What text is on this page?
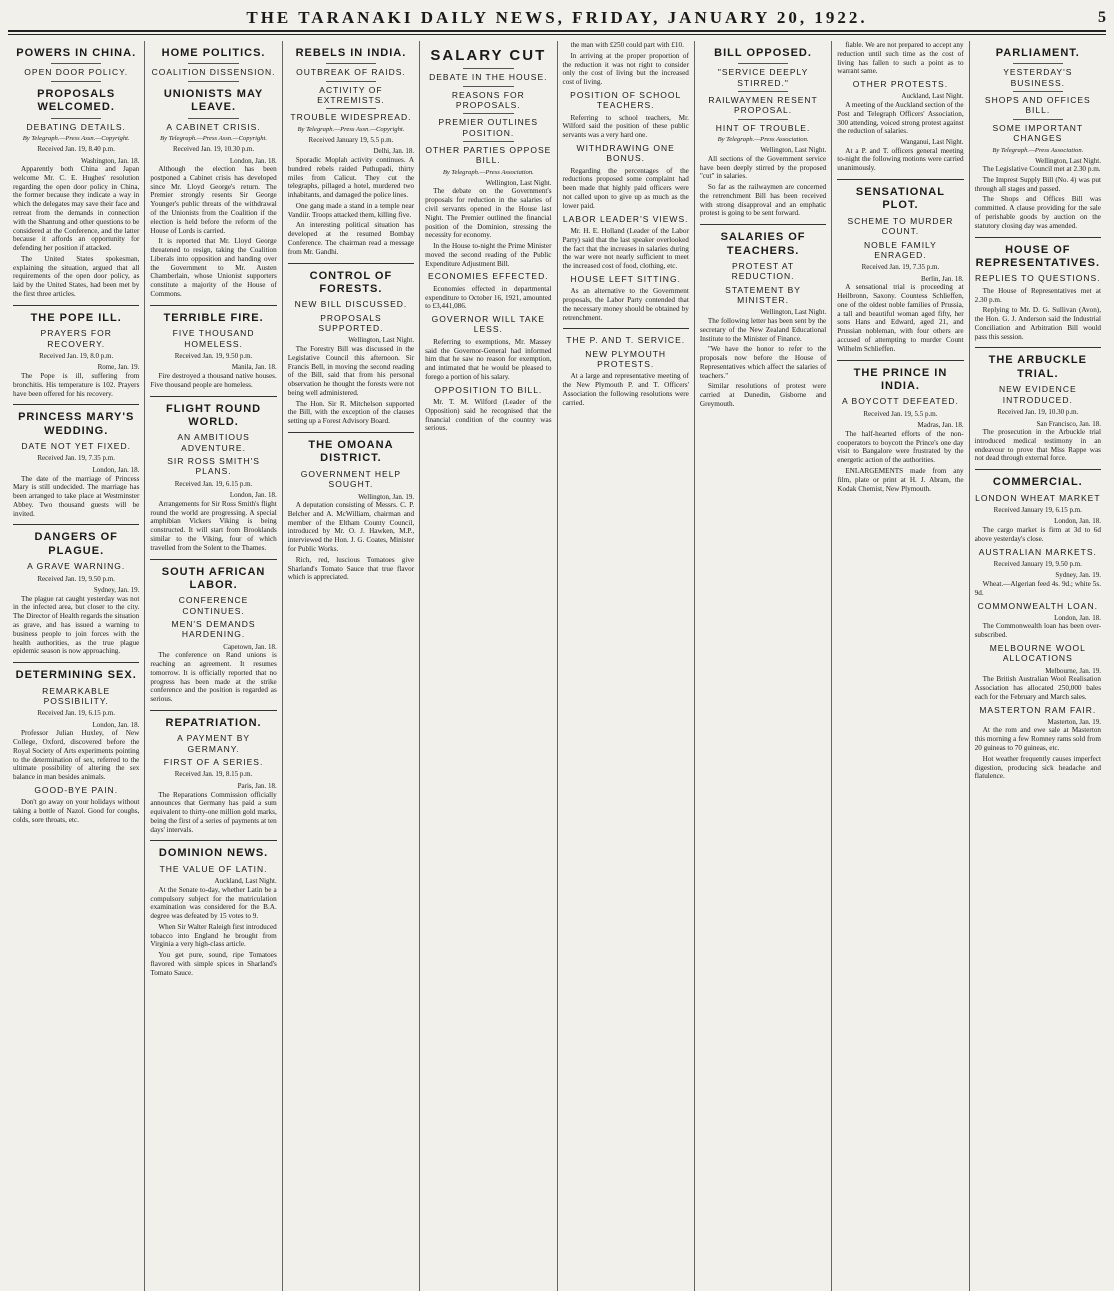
THE TARANAKI DAILY NEWS, FRIDAY, JANUARY 20, 1922.	5
POWERS IN CHINA.
OPEN DOOR POLICY.
PROPOSALS WELCOMED.
DEBATING DETAILS.
By Telegraph.—Press Assn.—Copyright.
Received Jan. 19, 8.40 p.m.
Washington, Jan. 18.

Apparently both China and Japan welcome Mr. C. E. Hughes' resolution regarding the open door policy in China, the former because they indicate a way in which the delegates may save their face and retreat from the demands in connection with the Shantung and other questions to be considered at the Conference, and the latter because it affords an opportunity for defending her position if attacked.

The United States spokesman, explaining the situation, argued that all requirements of the open door policy, as laid by the United States, had been met by the first three articles.

THE POPE ILL.
PRAYERS FOR RECOVERY.
Received Jan. 19, 8.0 p.m.
Rome, Jan. 19.

The Pope is ill, suffering from bronchitis. His temperature is 102. Prayers have been offered for his recovery.

PRINCESS MARY'S WEDDING.
DATE NOT YET FIXED.
Received Jan. 19, 7.35 p.m.
London, Jan. 18.

The date of the marriage of Princess Mary is still undecided. The marriage has been arranged to take place at Westminster Abbey. Two thousand guests will be invited.

DANGERS OF PLAGUE.
A GRAVE WARNING.
Received Jan. 19, 9.50 p.m.
Sydney, Jan. 19.

The plague rat caught yesterday was not in the infected area, but closer to the city. The Director of Health regards the situation as grave, and has issued a warning to business people to join forces with the health authorities, as the true plague epidemic season is now approaching.

DETERMINING SEX.
REMARKABLE POSSIBILITY.
Received Jan. 19, 6.15 p.m.
London, Jan. 18.

Professor Julian Huxley, of New College, Oxford, discovered before the Royal Society of Arts experiments pointing to the determination of sex, referred to the ultimate possibility of altering the sex balance in man besides animals.

GOOD-BYE PAIN.

Don't go away on your holidays without taking a bottle of Nazol. Good for coughs, colds, sore throats, etc.

HOME POLITICS.
COALITION DISSENSION.
UNIONISTS MAY LEAVE.
A CABINET CRISIS.
By Telegraph.—Press Assn.—Copyright.
Received Jan. 19, 10.30 p.m.
London, Jan. 18.

Although the election has been postponed a Cabinet crisis has developed since Mr. Lloyd George's return. The Premier strongly resents Sir George Younger's public threats of the withdrawal of the Unionists from the Coalition if the election is held before the reform of the House of Lords is carried.

It is reported that Mr. Lloyd George threatened to resign, taking the Coalition Liberals into opposition and handing over the Government to Mr. Austen Chamberlain, whose Unionist supporters constitute a majority of the House of Commons.

TERRIBLE FIRE.
FIVE THOUSAND HOMELESS.
Received Jan. 19, 9.50 p.m.
Manila, Jan. 18.

Fire destroyed a thousand native houses. Five thousand people are homeless.

FLIGHT ROUND WORLD.
AN AMBITIOUS ADVENTURE.
SIR ROSS SMITH'S PLANS.
Received Jan. 19, 6.15 p.m.
London, Jan. 18.

Arrangements for Sir Ross Smith's flight round the world are progressing. A special amphibian Vickers Viking is being constructed. It will start from Brooklands similar to the Viking, four of which travelled from the Solent to the Thames.

SOUTH AFRICAN LABOR.
CONFERENCE CONTINUES.
MEN'S DEMANDS HARDENING.
Capetown, Jan. 18.

The conference on Rand unions is reaching an agreement. It resumes tomorrow. It is officially reported that no progress has been made at the strike conference and the position is regarded as serious.

REPATRIATION.
A PAYMENT BY GERMANY.
FIRST OF A SERIES.
Received Jan. 19, 8.15 p.m.
Paris, Jan. 18.

The Reparations Commission officially announces that Germany has paid a sum equivalent to thirty-one million gold marks, being the first of a series of payments at ten days' intervals.

DOMINION NEWS.
THE VALUE OF LATIN.
Auckland, Last Night.

At the Senate to-day, whether Latin be a compulsory subject for the matriculation examination was considered for the B.A. degree was defeated by 15 votes to 9.

When Sir Walter Raleigh first introduced tobacco into England he brought from Virginia a very high-class article.

You get pure, sound, ripe Tomatoes flavored with simple spices in Sharland's Tomato Sauce.

REBELS IN INDIA.
OUTBREAK OF RAIDS.
ACTIVITY OF EXTREMISTS.
TROUBLE WIDESPREAD.
By Telegraph.—Press Assn.—Copyright.
Received January 19, 5.5 p.m.
Delhi, Jan. 18.

Sporadic Moplah activity continues. A hundred rebels raided Puthupadi, thirty miles from Calicut. They cut the telegraphs, pillaged a hotel, murdered two inhabitants, and damaged the police lines.

One gang made a stand in a temple near Vandiir. Troops attacked them, killing five.

An interesting political situation has developed at the resumed Bombay Conference. The chairman read a message from Mr. Gandhi.

CONTROL OF FORESTS.
NEW BILL DISCUSSED.
PROPOSALS SUPPORTED.
Wellington, Last Night.

The Forestry Bill was discussed in the Legislative Council this afternoon. Sir Francis Bell, in moving the second reading of the Bill, said that from his personal observation he thought the forests were not being well administered.

The Hon. Sir R. Mitchelson supported the Bill, with the exception of the clauses setting up a Forest Advisory Board.

THE OMOANA DISTRICT.
GOVERNMENT HELP SOUGHT.
Wellington, Jan. 19.

A deputation consisting of Messrs. C. P. Belcher and A. McWilliam, chairman and member of the Eltham County Council, introduced by Mr. O. J. Hawken, M.P., interviewed the Hon. J. G. Coates, Minister for Public Works.

Rich, red, luscious Tomatoes give Sharland's Tomato Sauce that true flavor which is appreciated.

SALARY CUT
DEBATE IN THE HOUSE.
REASONS FOR PROPOSALS.
PREMIER OUTLINES POSITION.
OTHER PARTIES OPPOSE BILL.
By Telegraph.—Press Association.
Wellington, Last Night.

The debate on the Government's proposals for reduction in the salaries of civil servants opened in the House last Night. The Premier outlined the financial position of the Dominion, stressing the necessity for economy.

In the House to-night the Prime Minister moved the second reading of the Public Expenditure Adjustment Bill.

ECONOMIES EFFECTED.

Economies effected in departmental expenditure to October 16, 1921, amounted to £3,441,086.

GOVERNOR WILL TAKE LESS.

Referring to exemptions, Mr. Massey said the Governor-General had informed him that he saw no reason for exemption, and intimated that he would be pleased to forego a portion of his salary.

OPPOSITION TO BILL.

Mr. T. M. Wilford (Leader of the Opposition) said he recognised that the financial condition of the country was serious.

the man with £250 could part with £10.

In arriving at the proper proportion of the reduction it was not right to consider only the cost of living but the increased cost of living.

POSITION OF SCHOOL TEACHERS.

Referring to school teachers, Mr. Wilford said the position of these public servants was a very hard one.

WITHDRAWING ONE BONUS.

Regarding the percentages of the reductions proposed some complaint had been made that highly paid officers were not called upon to give up as much as the lower paid.

LABOR LEADER'S VIEWS.

Mr. H. E. Holland (Leader of the Labor Party) said that the last speaker overlooked the fact that the increases in salaries during the war were not nearly sufficient to meet the increased cost of food, clothing, etc.

HOUSE LEFT SITTING.

As an alternative to the Government proposals, the Labor Party contended that the necessary money should be obtained by retrenchment.

THE P. AND T. SERVICE.
NEW PLYMOUTH PROTESTS.

At a large and representative meeting of the New Plymouth P. and T. Officers' Association the following resolutions were carried.

BILL OPPOSED.
"SERVICE DEEPLY STIRRED."
RAILWAYMEN RESENT PROPOSAL.
HINT OF TROUBLE.
By Telegraph.—Press Association.
Wellington, Last Night.

All sections of the Government service have been deeply stirred by the proposed "cut" in salaries.

So far as the railwaymen are concerned the retrenchment Bill has been received with strong disapproval and an emphatic protest is going to be sent forward.

SALARIES OF TEACHERS.
PROTEST AT REDUCTION.
STATEMENT BY MINISTER.
Wellington, Last Night.

The following letter has been sent by the secretary of the New Zealand Educational Institute to the Minister of Finance.

"We have the honor to refer to the proposals now before the House of Representatives which affect the salaries of teachers."

Similar resolutions of protest were carried at Dunedin, Gisborne and Greymouth.

fiable. We are not prepared to accept any reduction until such time as the cost of living has fallen to such a point as to warrant same.

OTHER PROTESTS.
Auckland, Last Night.

A meeting of the Auckland section of the Post and Telegraph Officers' Association, 300 attending, voiced strong protest against the reduction of salaries.

Wanganui, Last Night.

At a P. and T. officers general meeting to-night the following motions were carried unanimously.

SENSATIONAL PLOT.
SCHEME TO MURDER COUNT.
NOBLE FAMILY ENRAGED.
Received Jan. 19, 7.35 p.m.
Berlin, Jan. 18.

A sensational trial is proceeding at Heilbronn, Saxony. Countess Schlieffen, one of the oldest noble families of Prussia, a tall and beautiful woman aged fifty, her sons Hans and Edward, aged 21, and Prussian nobleman, with four others are accused of attempting to murder Count Wilhelm Schlieffen.

THE PRINCE IN INDIA.
A BOYCOTT DEFEATED.
Received Jan. 19, 5.5 p.m.
Madras, Jan. 18.

The half-hearted efforts of the non-cooperators to boycott the Prince's one day visit to Bangalore were frustrated by the energetic action of the authorities.

ENLARGEMENTS made from any film, plate or print at H. J. Abram, the Kodak Chemist, New Plymouth.

PARLIAMENT.
YESTERDAY'S BUSINESS.
SHOPS AND OFFICES BILL.
SOME IMPORTANT CHANGES
By Telegraph.—Press Association.
Wellington, Last Night.

The Legislative Council met at 2.30 p.m.

The Imprest Supply Bill (No. 4) was put through all stages and passed.

The Shops and Offices Bill was committed. A clause providing for the sale of perishable goods by auction on the statutory closing day was amended.

HOUSE OF REPRESENTATIVES.
REPLIES TO QUESTIONS.

The House of Representatives met at 2.30 p.m.

Replying to Mr. D. G. Sullivan (Avon), the Hon. G. J. Anderson said the Industrial Conciliation and Arbitration Bill would pass this session.

THE ARBUCKLE TRIAL.
NEW EVIDENCE INTRODUCED.
Received Jan. 19, 10.30 p.m.
San Francisco, Jan. 18.

The prosecution in the Arbuckle trial introduced medical testimony in an endeavour to prove that Miss Rappe was not dead through external force.

COMMERCIAL.
LONDON WHEAT MARKET
Received January 19, 6.15 p.m.
London, Jan. 18.

The cargo market is firm at 3d to 6d above yesterday's close.

AUSTRALIAN MARKETS.
Received January 19, 9.50 p.m.
Sydney, Jan. 19.

Wheat.—Algerian feed 4s. 9d.; white 5s. 9d.

COMMONWEALTH LOAN.
London, Jan. 18.

The Commonwealth loan has been over-subscribed.

MELBOURNE WOOL ALLOCATIONS
Melbourne, Jan. 19.

The British Australian Wool Realisation Association has allocated 250,000 bales each for the February and March sales.

MASTERTON RAM FAIR.
Masterton, Jan. 19.

At the rom and ewe sale at Masterton this morning a few Romney rams sold from 20 guineas to 70 guineas, etc.

Hot weather frequently causes imperfect digestion, producing sick headache and flatulence.
